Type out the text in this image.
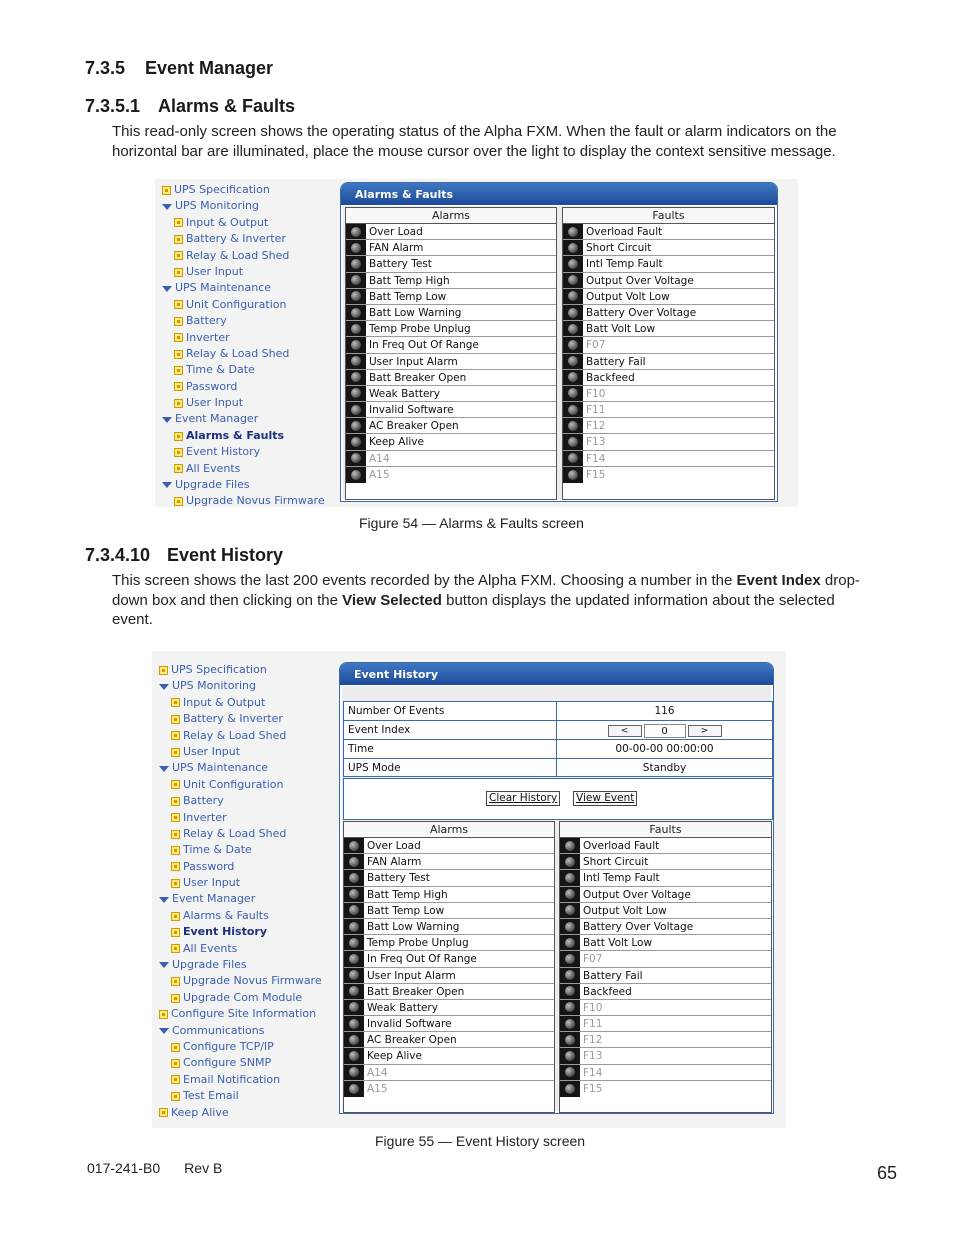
7.3.5 Event Manager
7.3.5.1 Alarms & Faults

This read-only screen shows the operating status of the Alpha FXM. When the fault or alarm indicators on the horizontal bar are illuminated, place the mouse cursor over the light to display the context sensitive message.

UPS Specification
UPS Monitoring
Input & Output
Battery & Inverter
Relay & Load Shed
User Input
UPS Maintenance
Unit Configuration
Battery
Inverter
Relay & Load Shed
Time & Date
Password
User Input
Event Manager
Alarms & Faults
Event History
All Events
Upgrade Files
Upgrade Novus Firmware
Alarms & Faults
Alarms
Over Load
FAN Alarm
Battery Test
Batt Temp High
Batt Temp Low
Batt Low Warning
Temp Probe Unplug
In Freq Out Of Range
User Input Alarm
Batt Breaker Open
Weak Battery
Invalid Software
AC Breaker Open
Keep Alive
A14
A15
Faults
Overload Fault
Short Circuit
Intl Temp Fault
Output Over Voltage
Output Volt Low
Battery Over Voltage
Batt Volt Low
F07
Battery Fail
Backfeed
F10
F11
F12
F13
F14
F15
Figure 54 — Alarms & Faults screen
7.3.4.10 Event History

This screen shows the last 200 events recorded by the Alpha FXM. Choosing a number in the Event Index drop-down box and then clicking on the View Selected button displays the updated information about the selected event.

UPS Specification
UPS Monitoring
Input & Output
Battery & Inverter
Relay & Load Shed
User Input
UPS Maintenance
Unit Configuration
Battery
Inverter
Relay & Load Shed
Time & Date
Password
User Input
Event Manager
Alarms & Faults
Event History
All Events
Upgrade Files
Upgrade Novus Firmware
Upgrade Com Module
Configure Site Information
Communications
Configure TCP/IP
Configure SNMP
Email Notification
Test Email
Keep Alive
Event History
Number Of Events	116
Event Index	<	0	>
Time	00-00-00 00:00:00
UPS Mode	Standby
Clear History View Event
Alarms
Over Load
FAN Alarm
Battery Test
Batt Temp High
Batt Temp Low
Batt Low Warning
Temp Probe Unplug
In Freq Out Of Range
User Input Alarm
Batt Breaker Open
Weak Battery
Invalid Software
AC Breaker Open
Keep Alive
A14
A15
Faults
Overload Fault
Short Circuit
Intl Temp Fault
Output Over Voltage
Output Volt Low
Battery Over Voltage
Batt Volt Low
F07
Battery Fail
Backfeed
F10
F11
F12
F13
F14
F15
Figure 55 — Event History screen
017-241-B0 Rev B	65
